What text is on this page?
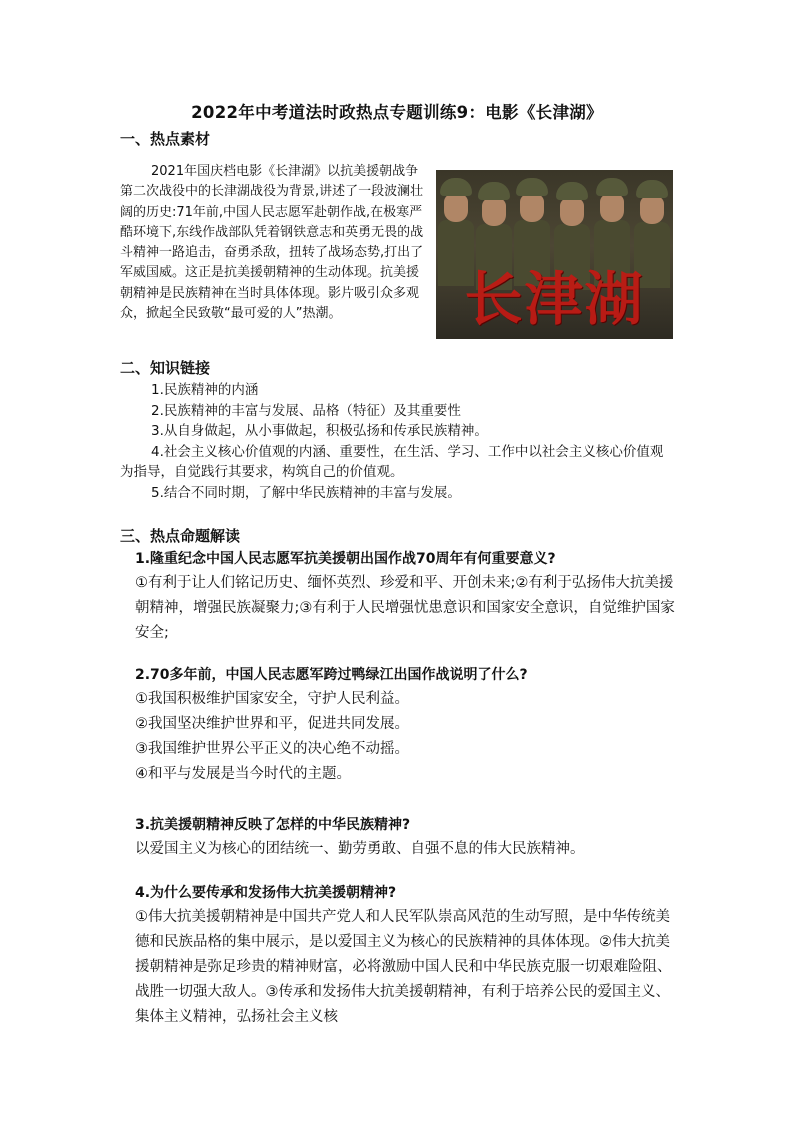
2022年中考道法时政热点专题训练9：电影《长津湖》
一、热点素材

2021年国庆档电影《长津湖》以抗美援朝战争第二次战役中的长津湖战役为背景,讲述了一段波澜壮阔的历史:71年前,中国人民志愿军赴朝作战,在极寒严酷环境下,东线作战部队凭着钢铁意志和英勇无畏的战斗精神一路追击，奋勇杀敌，扭转了战场态势,打出了军威国威。这正是抗美援朝精神的生动体现。抗美援朝精神是民族精神在当时具体体现。影片吸引众多观众，掀起全民致敬“最可爱的人”热潮。	长津湖
二、知识链接

1.民族精神的内涵

2.民族精神的丰富与发展、品格（特征）及其重要性

3.从自身做起，从小事做起，积极弘扬和传承民族精神。

4.社会主义核心价值观的内涵、重要性，在生活、学习、工作中以社会主义核心价值观为指导，自觉践行其要求，构筑自己的价值观。

5.结合不同时期，了解中华民族精神的丰富与发展。

三、热点命题解读

1.隆重纪念中国人民志愿军抗美援朝出国作战70周年有何重要意义?

①有利于让人们铭记历史、缅怀英烈、珍爱和平、开创未来;②有利于弘扬伟大抗美援朝精神，增强民族凝聚力;③有利于人民增强忧患意识和国家安全意识，自觉维护国家安全;

2.70多年前，中国人民志愿军跨过鸭绿江出国作战说明了什么?

①我国积极维护国家安全，守护人民利益。

②我国坚决维护世界和平，促进共同发展。

③我国维护世界公平正义的决心绝不动摇。

④和平与发展是当今时代的主题。

3.抗美援朝精神反映了怎样的中华民族精神?

以爱国主义为核心的团结统一、勤劳勇敢、自强不息的伟大民族精神。

4.为什么要传承和发扬伟大抗美援朝精神?

①伟大抗美援朝精神是中国共产党人和人民军队崇高风范的生动写照，是中华传统美德和民族品格的集中展示，是以爱国主义为核心的民族精神的具体体现。②伟大抗美援朝精神是弥足珍贵的精神财富，必将激励中国人民和中华民族克服一切艰难险阻、战胜一切强大敌人。③传承和发扬伟大抗美援朝精神，有利于培养公民的爱国主义、集体主义精神，弘扬社会主义核
